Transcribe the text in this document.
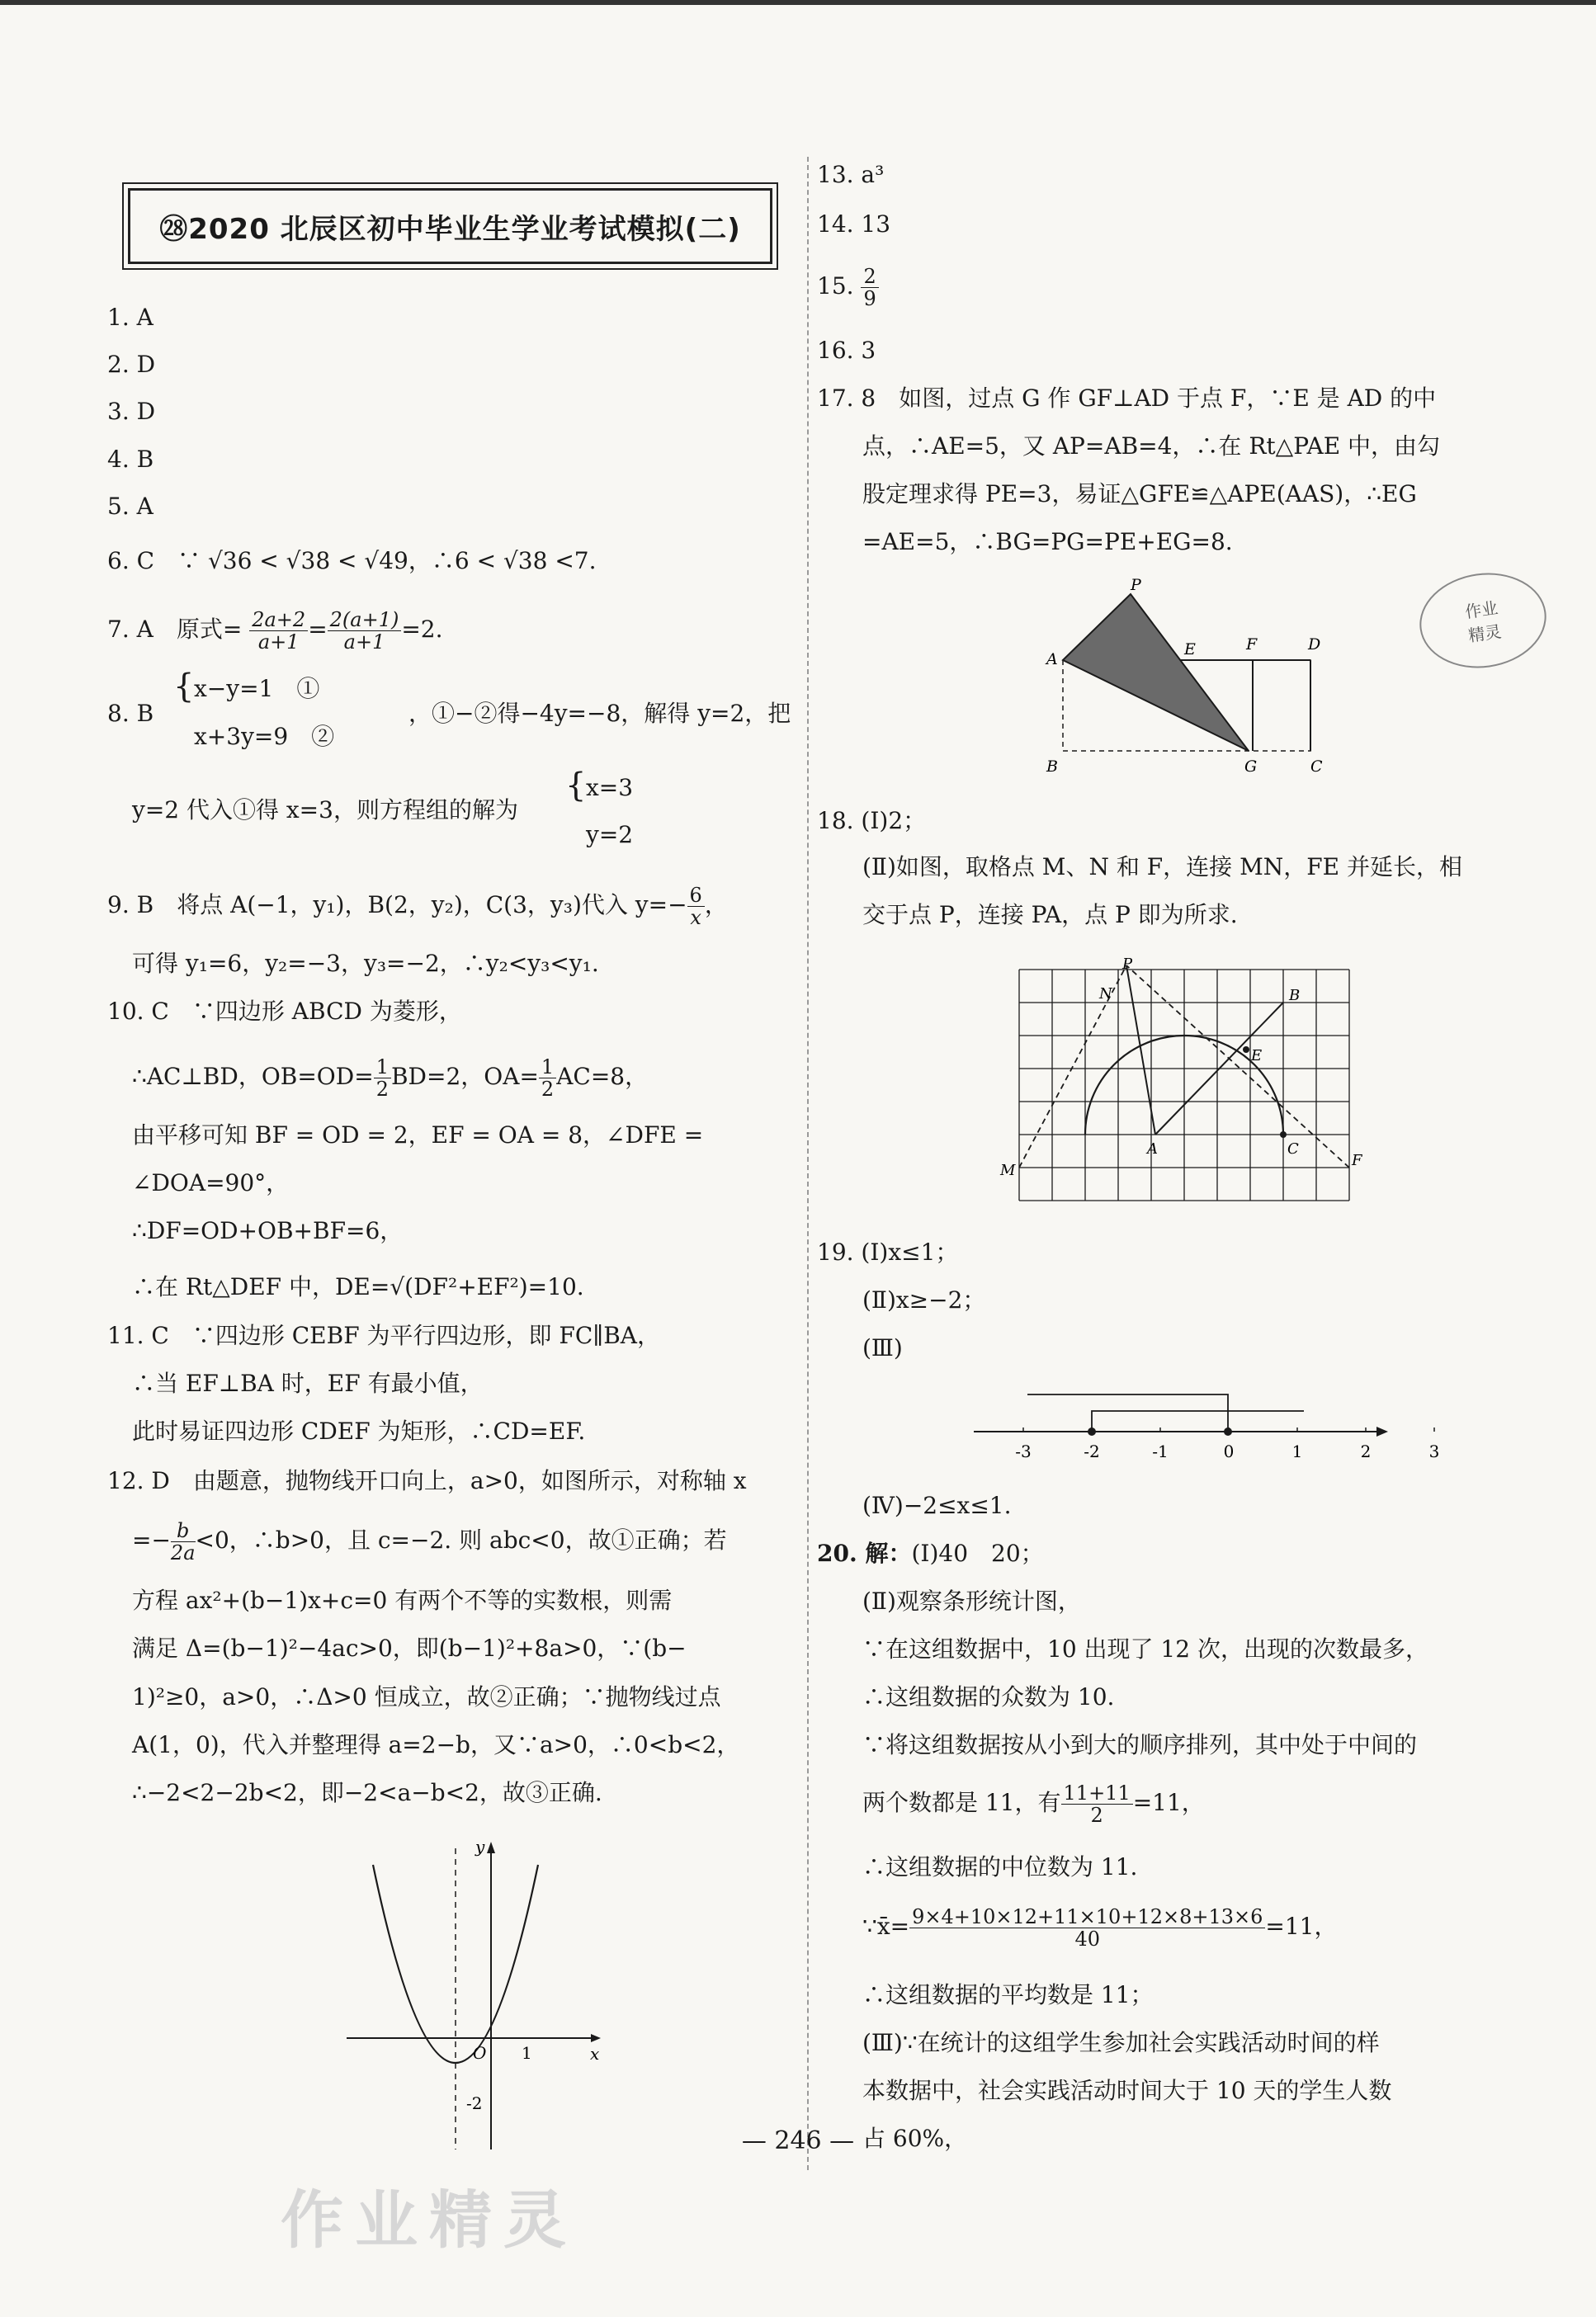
㉘2020 北辰区初中毕业生学业考试模拟(二)
1. A
2. D
3. D
4. B
5. A
6. C　∵ √36 < √38 < √49，∴6 < √38 <7.
7. A　原式= $\frac{2a+2}{a+1} = \frac{2(a+1)}{a+1} =2$.
8. B
{ x−y=1　①
x+3y=9　②
，①−②得−4y=−8，解得 y=2，把
y=2 代入①得 x=3，则方程组的解为
{ x=3
y=2
9. B　将点 A(−1，y₁)，B(2，y₂)，C(3，y₃)代入 $y=- \frac{6}{x}$ ，
可得 y₁=6，y₂=−3，y₃=−2，∴y₂<y₃<y₁.
10. C　∵四边形 ABCD 为菱形，
∴AC⊥BD，$OB=OD= \frac{1}{2} BD=2$，$OA= \frac{1}{2} AC=8$，
由平移可知 BF = OD = 2，EF = OA = 8，∠DFE =
∠DOA=90°，
∴DF=OD+OB+BF=6，
∴在 Rt△DEF 中，DE=√(DF²+EF²)=10.
11. C　∵四边形 CEBF 为平行四边形，即 FC∥BA，
∴当 EF⊥BA 时，EF 有最小值，
此时易证四边形 CDEF 为矩形，∴CD=EF.
12. D　由题意，抛物线开口向上，a>0，如图所示，对称轴 x
=− $\frac{b}{2a} <0$，∴b>0，且 c=−2. 则 abc<0，故①正确；若
方程 ax²+(b−1)x+c=0 有两个不等的实数根，则需
满足 Δ=(b−1)²−4ac>0，即(b−1)²+8a>0，∵(b−
1)²≥0，a>0，∴Δ>0 恒成立，故②正确；∵抛物线过点
A(1，0)，代入并整理得 a=2−b，又∵a>0，∴0<b<2，
∴−2<2−2b<2，即−2<a−b<2，故③正确.
y
x
O 1
-2
13. a³
14. 13
15. $\frac{2}{9}$
16. 3
17. 8　如图，过点 G 作 GF⊥AD 于点 F，∵E 是 AD 的中
点，∴AE=5，又 AP=AB=4，∴在 Rt△PAE 中，由勾
股定理求得 PE=3，易证△GFE≌△APE(AAS)，∴EG
=AE=5，∴BG=PG=PE+EG=8.
作业
精灵
P
A
E	F	D
B	G	C
18. (Ⅰ)2；
(Ⅱ)如图，取格点 M、N 和 F，连接 MN，FE 并延长，相
交于点 P，连接 PA，点 P 即为所求.
P
N	B
E
M
A	C
F
19. (Ⅰ)x≤1；
(Ⅱ)x≥−2；
(Ⅲ)
-3	-2	-1	0	1	2	3
(Ⅳ)−2≤x≤1.
20. 解：(Ⅰ)40　20；
(Ⅱ)观察条形统计图，
∵在这组数据中，10 出现了 12 次，出现的次数最多，
∴这组数据的众数为 10.
∵将这组数据按从小到大的顺序排列，其中处于中间的
两个数都是 11，有 $\frac{11+11}{2} =11$，
∴这组数据的中位数为 11.
∵x̄= $\frac{9\times 4+10\times 12+11\times 10+12\times 8+13\times 6}{40} =11$，
∴这组数据的平均数是 11；
(Ⅲ)∵在统计的这组学生参加社会实践活动时间的样
本数据中，社会实践活动时间大于 10 天的学生人数
占 60%，
— 246 —
作业精灵
